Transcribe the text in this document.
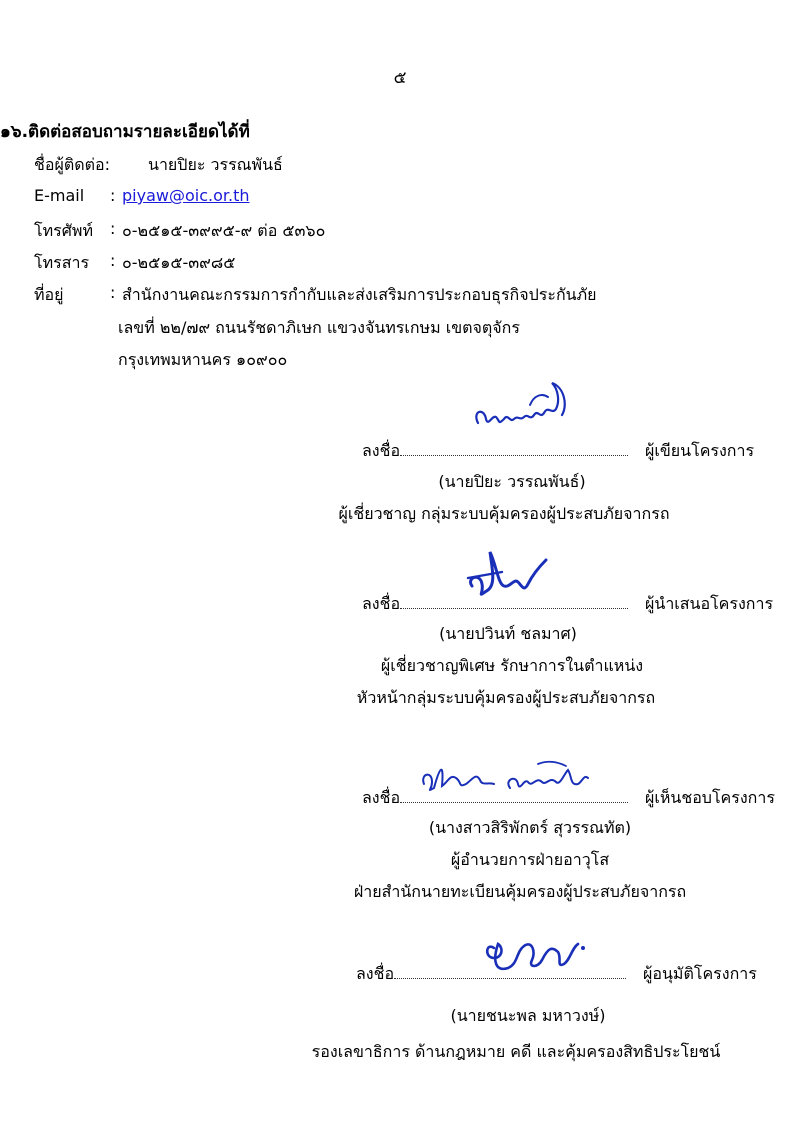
๕
๑๖.ติดต่อสอบถามรายละเอียดได้ที่
ชื่อผู้ติดต่อ: นายปิยะ วรรณพันธ์
E-mail : piyaw@oic.or.th
โทรศัพท์ : ๐-๒๕๑๕-๓๙๙๕-๙ ต่อ ๕๓๖๐
โทรสาร : ๐-๒๕๑๕-๓๙๘๕
ที่อยู่	: สำนักงานคณะกรรมการกำกับและส่งเสริมการประกอบธุรกิจประกันภัย
เลขที่ ๒๒/๗๙ ถนนรัชดาภิเษก แขวงจันทรเกษม เขตจตุจักร
กรุงเทพมหานคร ๑๐๙๐๐
ลงชื่อ	ผู้เขียนโครงการ
(นายปิยะ วรรณพันธ์)
ผู้เชี่ยวชาญ กลุ่มระบบคุ้มครองผู้ประสบภัยจากรถ
ลงชื่อ	ผู้นำเสนอโครงการ
(นายปวินท์ ชลมาศ)
ผู้เชี่ยวชาญพิเศษ รักษาการในตำแหน่ง
หัวหน้ากลุ่มระบบคุ้มครองผู้ประสบภัยจากรถ
ลงชื่อ	ผู้เห็นชอบโครงการ
(นางสาวสิริพักตร์ สุวรรณทัต)
ผู้อำนวยการฝ่ายอาวุโส
ฝ่ายสำนักนายทะเบียนคุ้มครองผู้ประสบภัยจากรถ
ลงชื่อ	ผู้อนุมัติโครงการ
(นายชนะพล มหาวงษ์)
รองเลขาธิการ ด้านกฎหมาย คดี และคุ้มครองสิทธิประโยชน์
